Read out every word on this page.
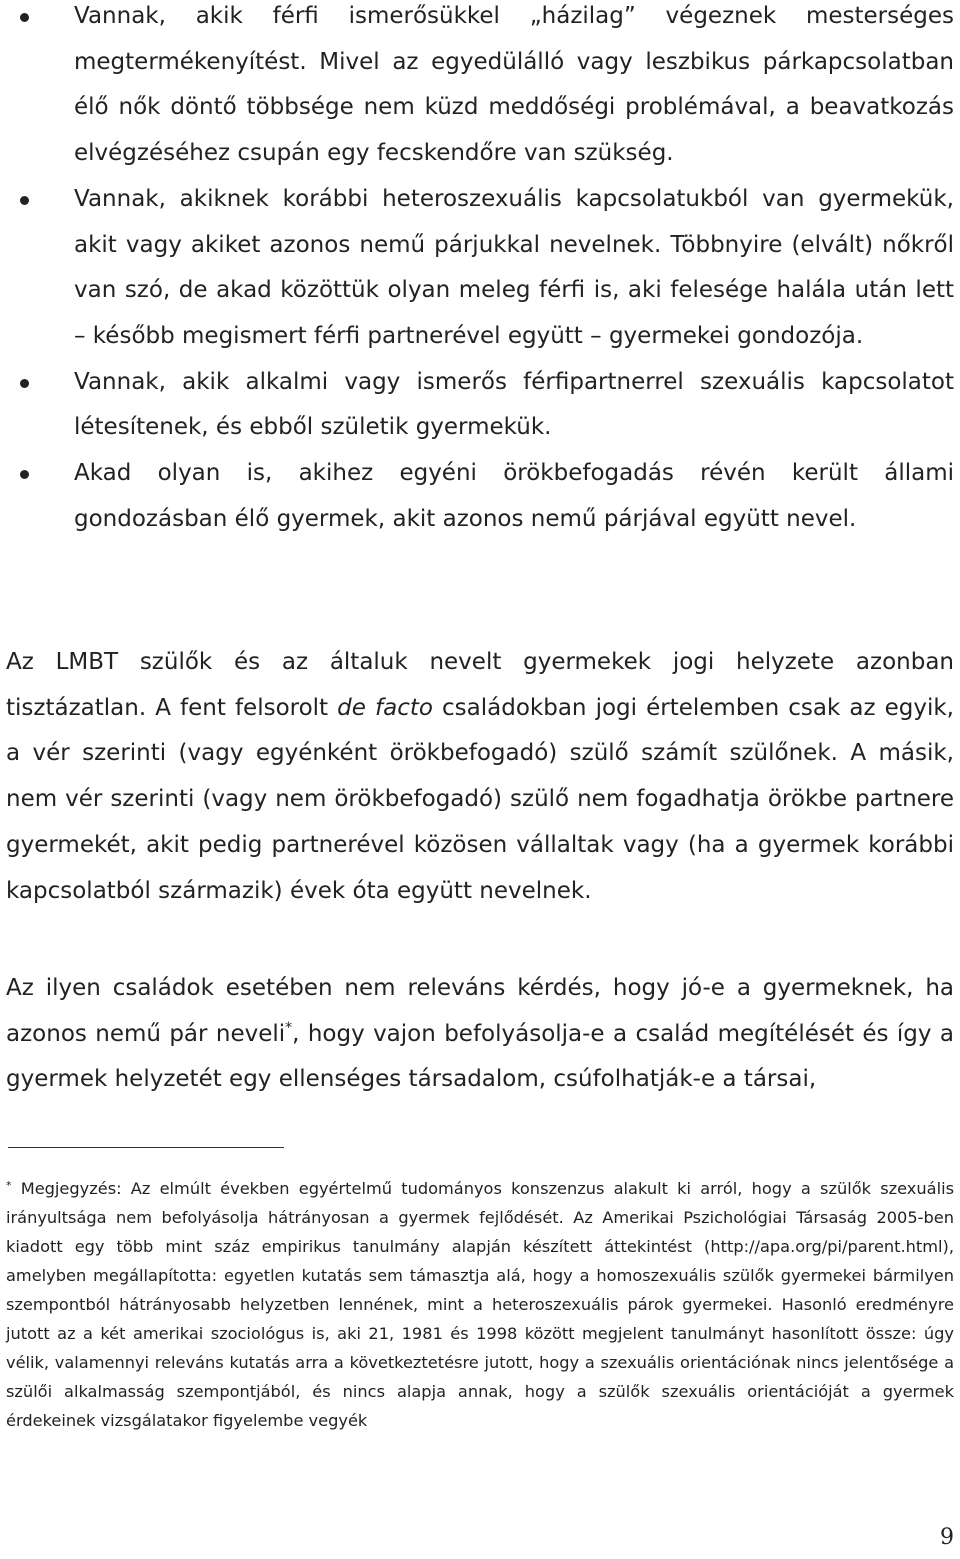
Vannak, akik férfi ismerősükkel „házilag” végeznek mesterséges megtermékenyítést. Mivel az egyedülálló vagy leszbikus párkapcsolatban élő nők döntő többsége nem küzd meddőségi problémával, a beavatkozás elvégzéséhez csupán egy fecskendőre van szükség.
Vannak, akiknek korábbi heteroszexuális kapcsolatukból van gyermekük, akit vagy akiket azonos nemű párjukkal nevelnek. Többnyire (elvált) nőkről van szó, de akad közöttük olyan meleg férfi is, aki felesége halála után lett – később megismert férfi partnerével együtt – gyermekei gondozója.
Vannak, akik alkalmi vagy ismerős férfipartnerrel szexuális kapcsolatot létesítenek, és ebből születik gyermekük.
Akad olyan is, akihez egyéni örökbefogadás révén került állami gondozásban élő gyermek, akit azonos nemű párjával együtt nevel.

Az LMBT szülők és az általuk nevelt gyermekek jogi helyzete azonban tisztázatlan. A fent felsorolt de facto családokban jogi értelemben csak az egyik, a vér szerinti (vagy egyénként örökbefogadó) szülő számít szülőnek. A másik, nem vér szerinti (vagy nem örökbefogadó) szülő nem fogadhatja örökbe partnere gyermekét, akit pedig partnerével közösen vállaltak vagy (ha a gyermek korábbi kapcsolatból származik) évek óta együtt nevelnek.

Az ilyen családok esetében nem releváns kérdés, hogy jó-e a gyermeknek, ha azonos nemű pár neveli*, hogy vajon befolyásolja-e a család megítélését és így a gyermek helyzetét egy ellenséges társadalom, csúfolhatják-e a társai,

* Megjegyzés: Az elmúlt években egyértelmű tudományos konszenzus alakult ki arról, hogy a szülők szexuális irányultsága nem befolyásolja hátrányosan a gyermek fejlődését. Az Amerikai Pszichológiai Társaság 2005-ben kiadott egy több mint száz empirikus tanulmány alapján készített áttekintést (http://apa.org/pi/parent.html), amelyben megállapította: egyetlen kutatás sem támasztja alá, hogy a homoszexuális szülők gyermekei bármilyen szempontból hátrányosabb helyzetben lennének, mint a heteroszexuális párok gyermekei. Hasonló eredményre jutott az a két amerikai szociológus is, aki 21, 1981 és 1998 között megjelent tanulmányt hasonlított össze: úgy vélik, valamennyi releváns kutatás arra a következtetésre jutott, hogy a szexuális orientációnak nincs jelentősége a szülői alkalmasság szempontjából, és nincs alapja annak, hogy a szülők szexuális orientációját a gyermek érdekeinek vizsgálatakor figyelembe vegyék

9
